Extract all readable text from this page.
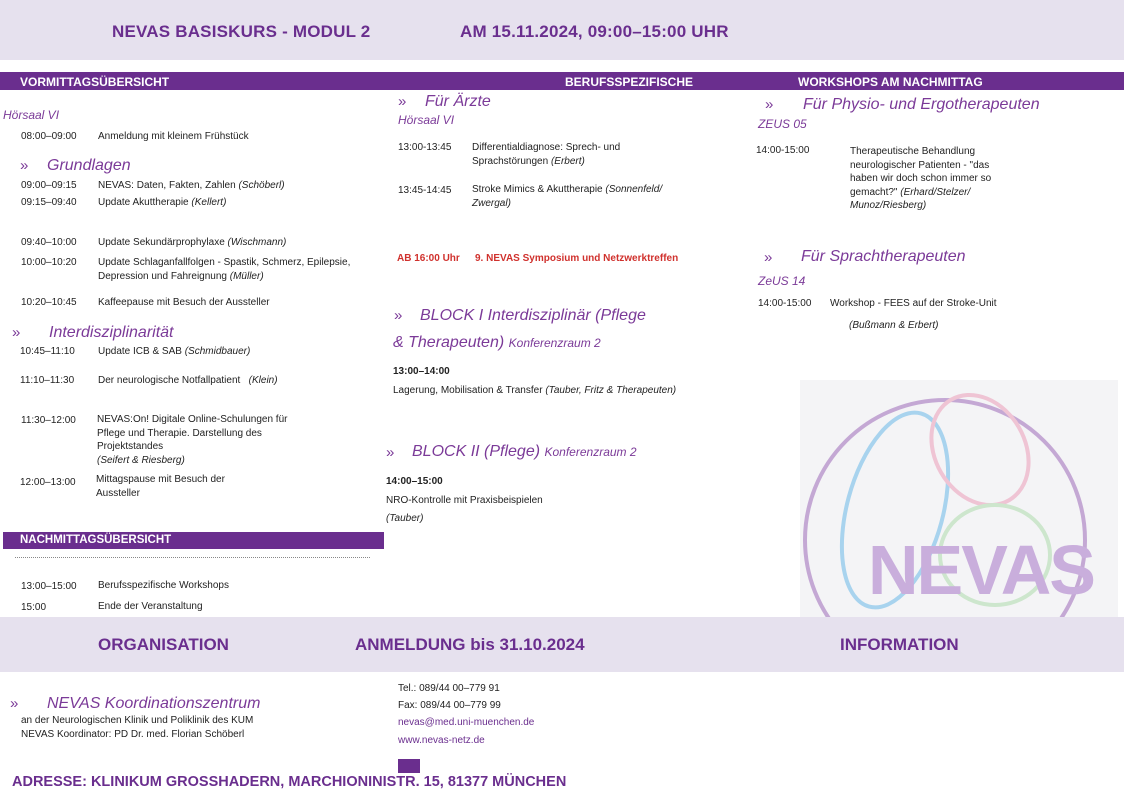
NEVAS BASISKURS - MODUL 2	AM 15.11.2024, 09:00–15:00 UHR
VORMITTAGSÜBERSICHT	BERUFSSPEZIFISCHE	WORKSHOPS AM NACHMITTAG
Hörsaal VI
08:00–09:00 Anmeldung mit kleinem Frühstück
» Grundlagen
09:00–09:15 NEVAS: Daten, Fakten, Zahlen (Schöberl)
09:15–09:40 Update Akuttherapie (Kellert)
09:40–10:00 Update Sekundärprophylaxe (Wischmann)
10:00–10:20 Update Schlaganfallfolgen - Spastik, Schmerz, Epilepsie,
Depression und Fahreignung (Müller)
10:20–10:45 Kaffeepause mit Besuch der Aussteller
» Interdisziplinarität
10:45–11:10 Update ICB & SAB (Schmidbauer)
11:10–11:30 Der neurologische Notfallpatient (Klein)
11:30–12:00 NEVAS:On! Digitale Online-Schulungen für
Pflege und Therapie. Darstellung des
Projektstandes
(Seifert & Riesberg)
12:00–13:00 Mittagspause mit Besuch der
Aussteller
NACHMITTAGSÜBERSICHT
13:00–15:00 Berufsspezifische Workshops
15:00	Ende der Veranstaltung
» Für Ärzte
Hörsaal VI
13:00-13:45 Differentialdiagnose: Sprech- und
Sprachstörungen (Erbert)
13:45-14:45 Stroke Mimics & Akuttherapie (Sonnenfeld/
Zwergal)
AB 16:00 Uhr 9. NEVAS Symposium und Netzwerktreffen
» BLOCK I Interdisziplinär (Pflege
& Therapeuten) Konferenzraum 2
13:00–14:00
Lagerung, Mobilisation & Transfer (Tauber, Fritz & Therapeuten)
» BLOCK II (Pflege) Konferenzraum 2
14:00–15:00
NRO-Kontrolle mit Praxisbeispielen
(Tauber)
» Für Physio- und Ergotherapeuten
ZEUS 05
14:00-15:00	Therapeutische Behandlung
neurologischer Patienten - "das
haben wir doch schon immer so
gemacht?" (Erhard/Stelzer/
Munoz/Riesberg)
» Für Sprachtherapeuten
ZeUS 14
14:00-15:00 Workshop - FEES auf der Stroke-Unit
(Bußmann & Erbert)
NEVAS
ORGANISATION	ANMELDUNG bis 31.10.2024	INFORMATION
» NEVAS Koordinationszentrum
an der Neurologischen Klinik und Poliklinik des KUM
NEVAS Koordinator: PD Dr. med. Florian Schöberl
Tel.: 089/44 00–779 91
Fax: 089/44 00–779 99
nevas@med.uni-muenchen.de
www.nevas-netz.de
ADRESSE: KLINIKUM GROSSHADERN, MARCHIONINISTR. 15, 81377 MÜNCHEN
